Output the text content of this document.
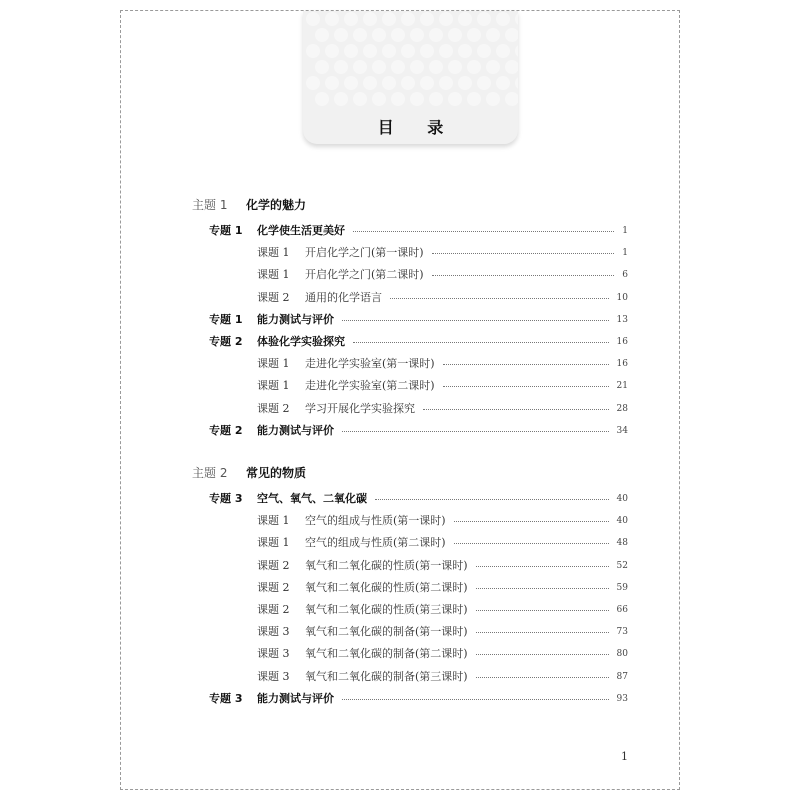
目 录
主题 1 化学的魅力
专题 1 化学使生活更美好	1
课题 1 开启化学之门(第一课时)	1
课题 1 开启化学之门(第二课时)	6
课题 2 通用的化学语言	10
专题 1 能力测试与评价	13
专题 2 体验化学实验探究	16
课题 1 走进化学实验室(第一课时)	16
课题 1 走进化学实验室(第二课时)	21
课题 2 学习开展化学实验探究	28
专题 2 能力测试与评价	34
主题 2 常见的物质
专题 3 空气、氧气、二氧化碳	40
课题 1 空气的组成与性质(第一课时)	40
课题 1 空气的组成与性质(第二课时)	48
课题 2 氧气和二氧化碳的性质(第一课时)	52
课题 2 氧气和二氧化碳的性质(第二课时)	59
课题 2 氧气和二氧化碳的性质(第三课时)	66
课题 3 氧气和二氧化碳的制备(第一课时)	73
课题 3 氧气和二氧化碳的制备(第二课时)	80
课题 3 氧气和二氧化碳的制备(第三课时)	87
专题 3 能力测试与评价	93
1
